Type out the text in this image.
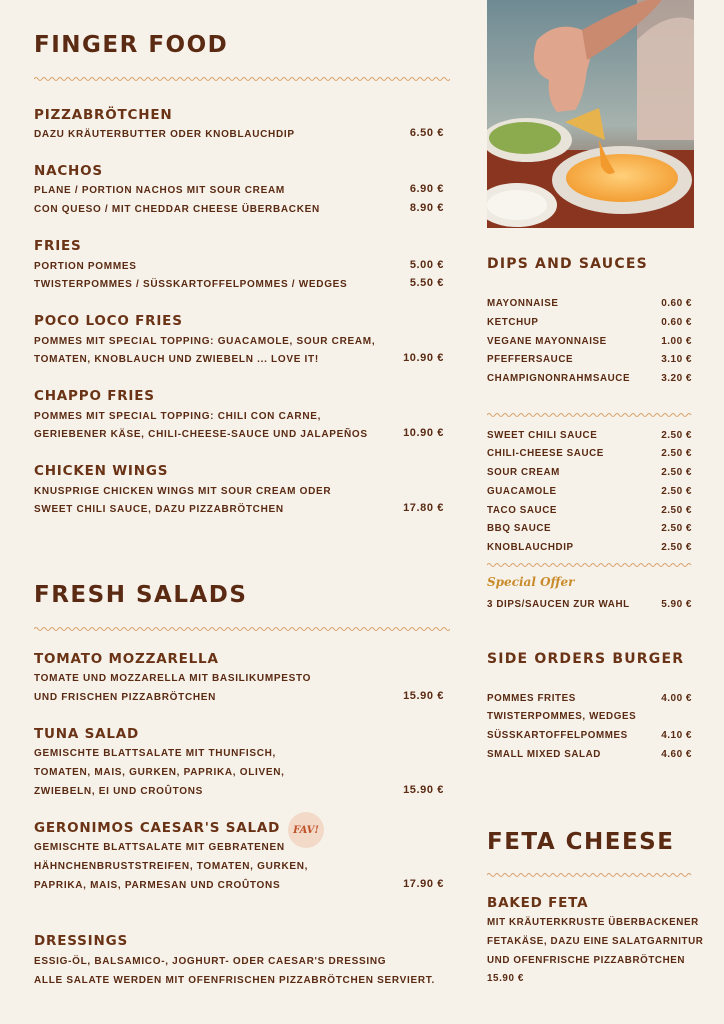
FINGER FOOD
PIZZABRÖTCHEN
DAZU KRÄUTERBUTTER ODER KNOBLAUCHDIP	6.50 €
NACHOS
PLANE / PORTION NACHOS MIT SOUR CREAM	6.90 €
CON QUESO / MIT CHEDDAR CHEESE ÜBERBACKEN	8.90 €
FRIES
PORTION POMMES	5.00 €
TWISTERPOMMES / SÜSSKARTOFFELPOMMES / WEDGES	5.50 €
POCO LOCO FRIES
POMMES MIT SPECIAL TOPPING: GUACAMOLE, SOUR CREAM,
TOMATEN, KNOBLAUCH UND ZWIEBELN ... LOVE IT!	10.90 €
CHAPPO FRIES
POMMES MIT SPECIAL TOPPING: CHILI CON CARNE,
GERIEBENER KÄSE, CHILI-CHEESE-SAUCE UND JALAPEÑOS	10.90 €
CHICKEN WINGS
KNUSPRIGE CHICKEN WINGS MIT SOUR CREAM ODER
SWEET CHILI SAUCE, DAZU PIZZABRÖTCHEN	17.80 €
FRESH SALADS
TOMATO MOZZARELLA
TOMATE UND MOZZARELLA MIT BASILIKUMPESTO
UND FRISCHEN PIZZABRÖTCHEN	15.90 €
TUNA SALAD
GEMISCHTE BLATTSALATE MIT THUNFISCH,
TOMATEN, MAIS, GURKEN, PAPRIKA, OLIVEN,
ZWIEBELN, EI UND CROÛTONS	15.90 €
GERONIMOS CAESAR'S SALAD	FAV!
GEMISCHTE BLATTSALATE MIT GEBRATENEN
HÄHNCHENBRUSTSTREIFEN, TOMATEN, GURKEN,
PAPRIKA, MAIS, PARMESAN UND CROÛTONS	17.90 €
DRESSINGS
ESSIG-ÖL, BALSAMICO-, JOGHURT- ODER CAESAR'S DRESSING
ALLE SALATE WERDEN MIT OFENFRISCHEN PIZZABRÖTCHEN SERVIERT.
DIPS AND SAUCES
MAYONNAISE	0.60 €
KETCHUP	0.60 €
VEGANE MAYONNAISE	1.00 €
PFEFFERSAUCE	3.10 €
CHAMPIGNONRAHMSAUCE	3.20 €
SWEET CHILI SAUCE	2.50 €
CHILI-CHEESE SAUCE	2.50 €
SOUR CREAM	2.50 €
GUACAMOLE	2.50 €
TACO SAUCE	2.50 €
BBQ SAUCE	2.50 €
KNOBLAUCHDIP	2.50 €
Special Offer
3 DIPS/SAUCEN ZUR WAHL	5.90 €
SIDE ORDERS BURGER
POMMES FRITES	4.00 €
TWISTERPOMMES, WEDGES
SÜSSKARTOFFELPOMMES	4.10 €
SMALL MIXED SALAD	4.60 €
FETA CHEESE
BAKED FETA
MIT KRÄUTERKRUSTE ÜBERBACKENER
FETAKÄSE, DAZU EINE SALATGARNITUR
UND OFENFRISCHE PIZZABRÖTCHEN
15.90 €
